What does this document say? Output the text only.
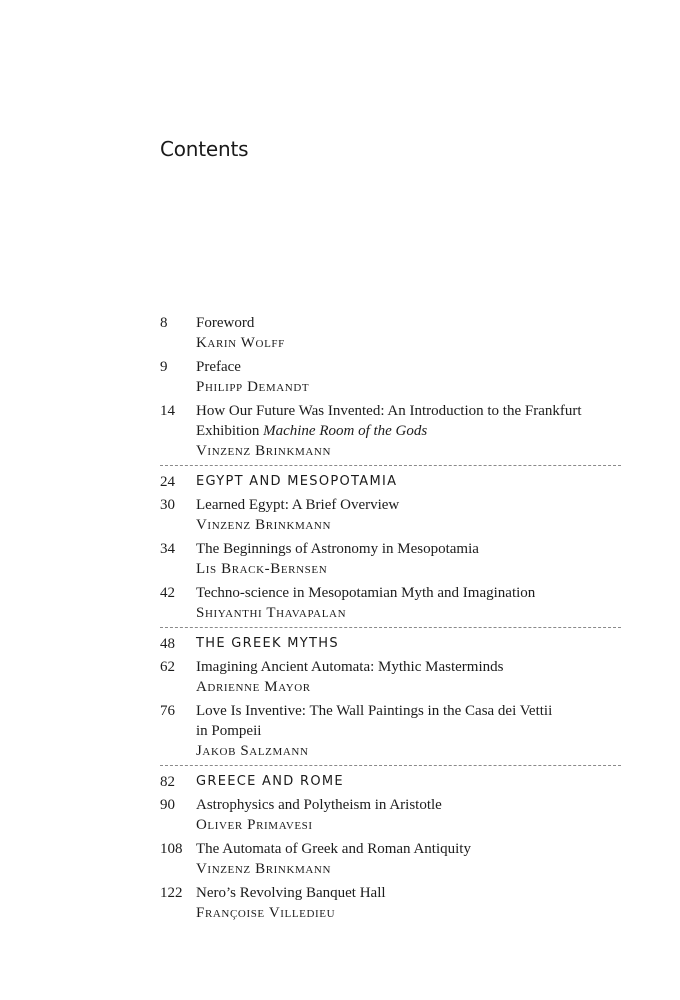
Contents
8	Foreword
Karin Wolff
9	Preface
Philipp Demandt
14	How Our Future Was Invented: An Introduction to the Frankfurt
Exhibition Machine Room of the Gods
Vinzenz Brinkmann
24	EGYPT AND MESOPOTAMIA
30	Learned Egypt: A Brief Overview
Vinzenz Brinkmann
34	The Beginnings of Astronomy in Mesopotamia
Lis Brack-Bernsen
42	Techno-science in Mesopotamian Myth and Imagination
Shiyanthi Thavapalan
48	THE GREEK MYTHS
62	Imagining Ancient Automata: Mythic Masterminds
Adrienne Mayor
76	Love Is Inventive: The Wall Paintings in the Casa dei Vettii
in Pompeii
Jakob Salzmann
82	GREECE AND ROME
90	Astrophysics and Polytheism in Aristotle
Oliver Primavesi
108 The Automata of Greek and Roman Antiquity
Vinzenz Brinkmann
122 Nero’s Revolving Banquet Hall
Françoise Villedieu
